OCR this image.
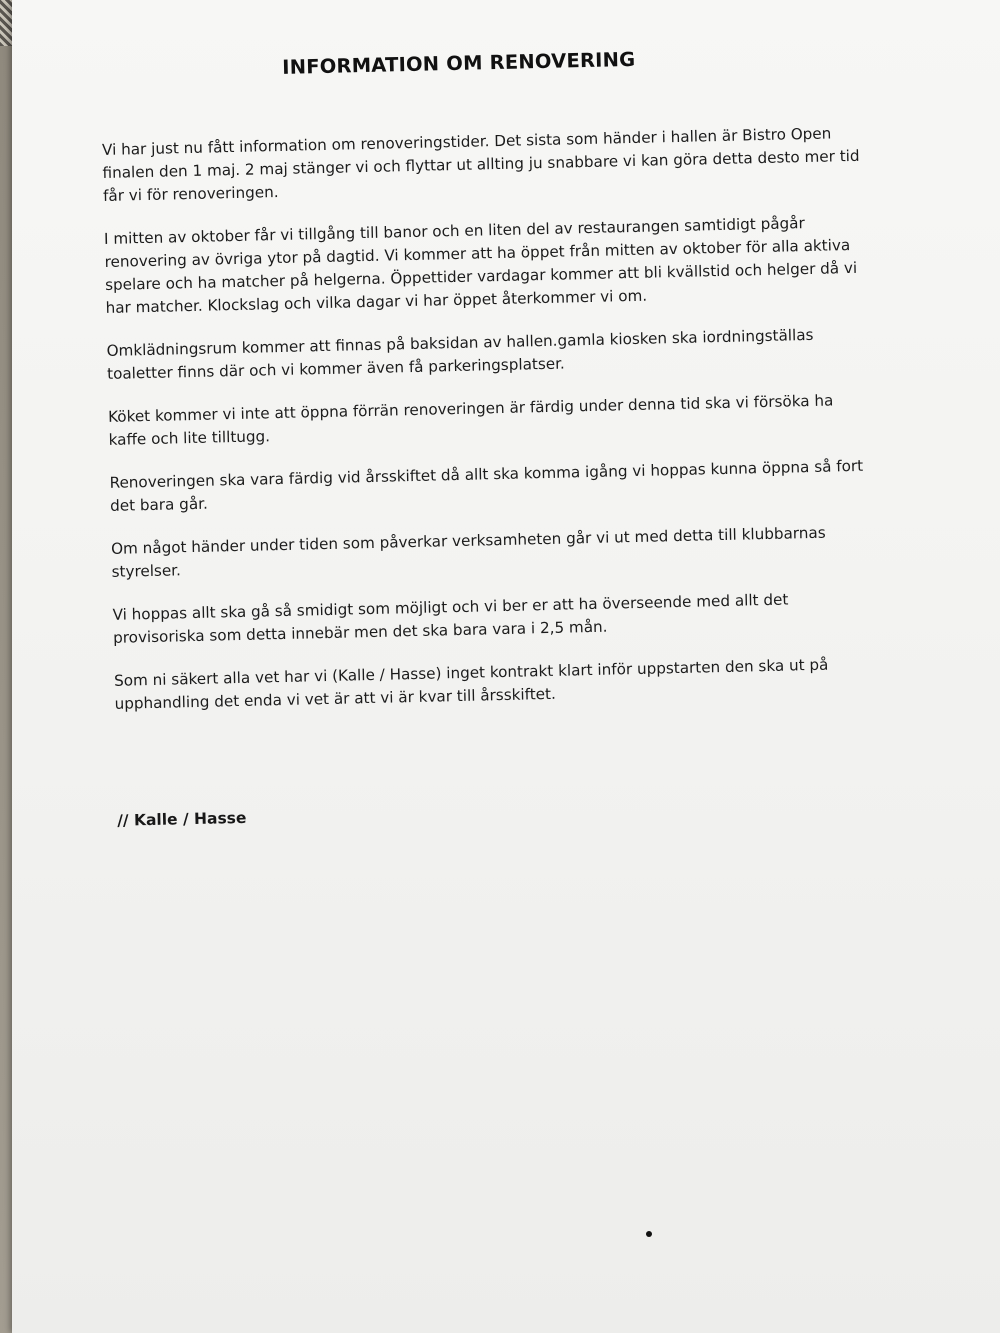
INFORMATION OM RENOVERING

Vi har just nu fått information om renoveringstider. Det sista som händer i hallen är Bistro Open finalen den 1 maj. 2 maj stänger vi och flyttar ut allting ju snabbare vi kan göra detta desto mer tid får vi för renoveringen.

I mitten av oktober får vi tillgång till banor och en liten del av restaurangen samtidigt pågår renovering av övriga ytor på dagtid. Vi kommer att ha öppet från mitten av oktober för alla aktiva spelare och ha matcher på helgerna. Öppettider vardagar kommer att bli kvällstid och helger då vi har matcher. Klockslag och vilka dagar vi har öppet återkommer vi om.

Omklädningsrum kommer att finnas på baksidan av hallen.gamla kiosken ska iordningställas toaletter finns där och vi kommer även få parkeringsplatser.

Köket kommer vi inte att öppna förrän renoveringen är färdig under denna tid ska vi försöka ha kaffe och lite tilltugg.

Renoveringen ska vara färdig vid årsskiftet då allt ska komma igång vi hoppas kunna öppna så fort det bara går.

Om något händer under tiden som påverkar verksamheten går vi ut med detta till klubbarnas styrelser.

Vi hoppas allt ska gå så smidigt som möjligt och vi ber er att ha överseende med allt det provisoriska som detta innebär men det ska bara vara i 2,5 mån.

Som ni säkert alla vet har vi (Kalle / Hasse) inget kontrakt klart inför uppstarten den ska ut på upphandling det enda vi vet är att vi är kvar till årsskiftet.

// Kalle / Hasse
